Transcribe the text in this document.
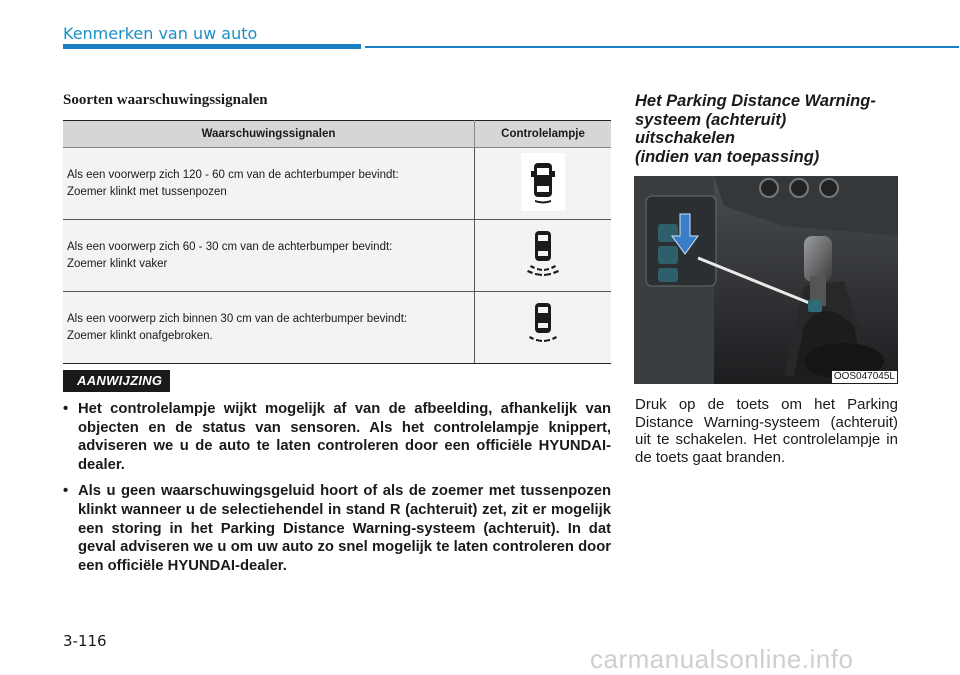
Kenmerken van uw auto
Soorten waarschuwingssignalen
Waarschuwingssignalen	Controlelampje
Als een voorwerp zich 120 - 60 cm van de achterbumper bevindt:
Zoemer klinkt met tussenpozen	
Als een voorwerp zich 60 - 30 cm van de achterbumper bevindt:
Zoemer klinkt vaker	
Als een voorwerp zich binnen 30 cm van de achterbumper bevindt:
Zoemer klinkt onafgebroken.	
AANWIJZING
• Het controlelampje wijkt mogelijk af van de afbeelding, afhankelijk van objecten en de status van sensoren. Als het controlelampje knippert, adviseren we u de auto te laten controleren door een officiële HYUNDAI-dealer.
• Als u geen waarschuwingsgeluid hoort of als de zoemer met tussenpozen klinkt wanneer u de selectiehendel in stand R (achteruit) zet, zit er mogelijk een storing in het Parking Distance Warning-systeem (achteruit). In dat geval adviseren we u om uw auto zo snel mogelijk te laten controleren door een officiële HYUNDAI-dealer.
Het Parking Distance Warning-
systeem (achteruit)
uitschakelen
(indien van toepassing)
OOS047045L
Druk op de toets om het Parking Distance Warning-systeem (achteruit) uit te schakelen. Het controlelampje in de toets gaat branden.
3-116
carmanualsonline.info
